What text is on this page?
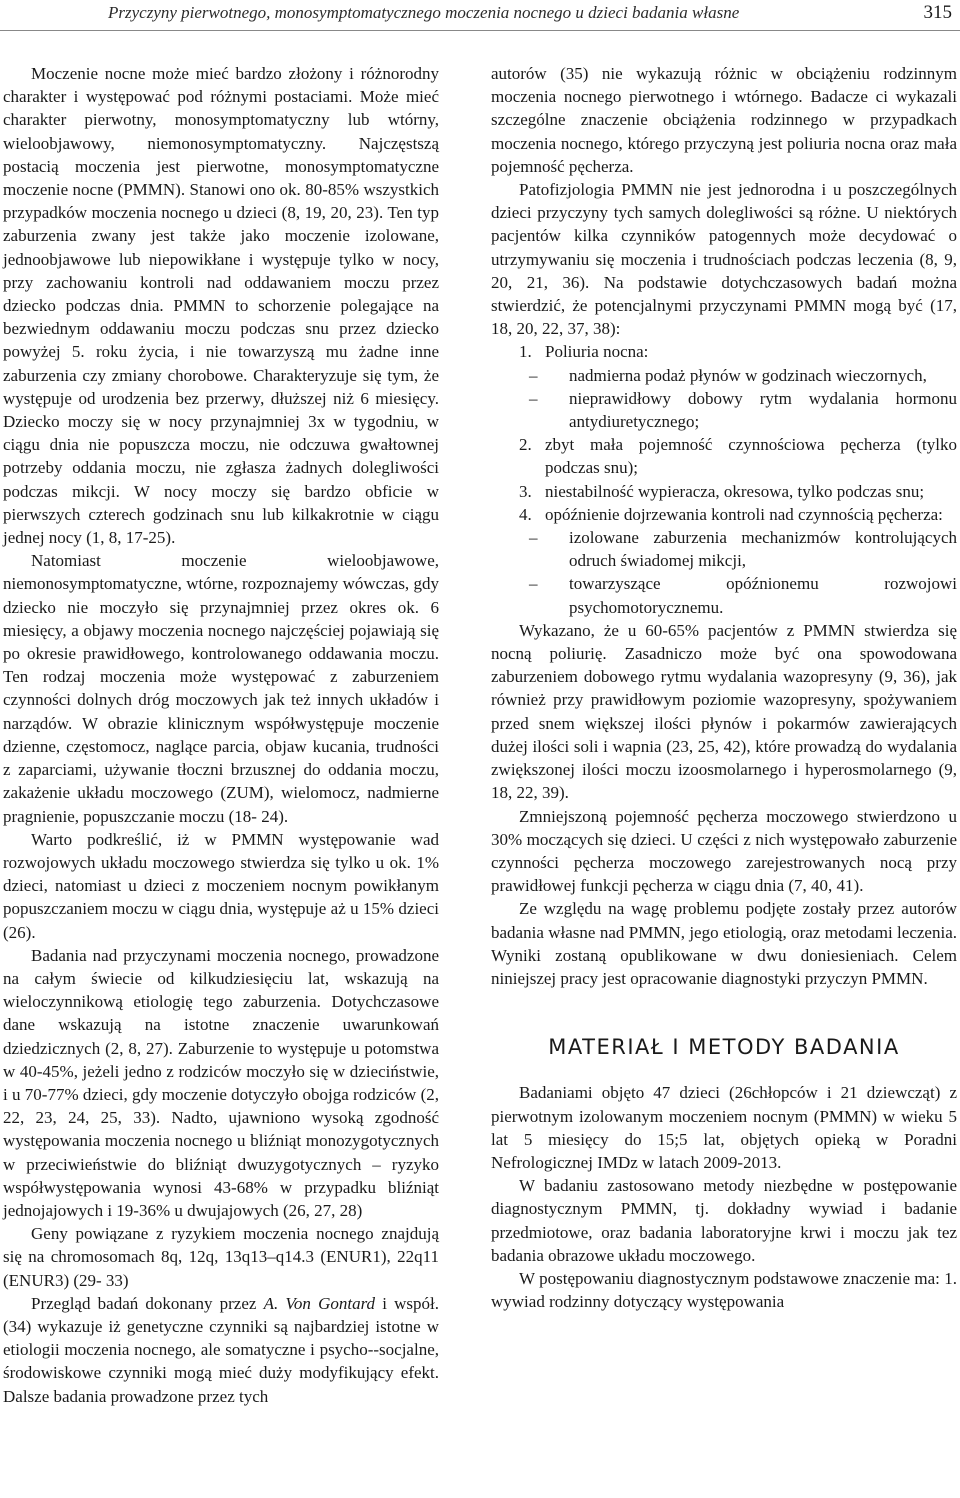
Przyczyny pierwotnego, monosymptomatycznego moczenia nocnego u dzieci badania własne	315

Moczenie nocne może mieć bardzo złożony i różnorodny charakter i występować pod różnymi postaciami. Może mieć charakter pierwotny, monosymptomatyczny lub wtórny, wieloobjawowy, niemonosymptomatyczny. Najczęstszą postacią moczenia jest pierwotne, monosymptomatyczne moczenie nocne (PMMN). Stanowi ono ok. 80-85% wszystkich przypadków moczenia nocnego u dzieci (8, 19, 20, 23). Ten typ zaburzenia zwany jest także jako moczenie izolowane, jednoobjawowe lub niepowikłane i występuje tylko w nocy, przy zachowaniu kontroli nad oddawaniem moczu przez dziecko podczas dnia. PMMN to schorzenie polegające na bezwiednym oddawaniu moczu podczas snu przez dziecko powyżej 5. roku życia, i nie towarzyszą mu żadne inne zaburzenia czy zmiany chorobowe. Charakteryzuje się tym, że występuje od urodzenia bez przerwy, dłuższej niż 6 miesięcy. Dziecko moczy się w nocy przynajmniej 3x w tygodniu, w ciągu dnia nie popuszcza moczu, nie odczuwa gwałtownej potrzeby oddania moczu, nie zgłasza żadnych dolegliwości podczas mikcji. W nocy moczy się bardzo obficie w pierwszych czterech godzinach snu lub kilkakrotnie w ciągu jednej nocy (1, 8, 17-25).

Natomiast moczenie wieloobjawowe, niemonosymptomatyczne, wtórne, rozpoznajemy wówczas, gdy dziecko nie moczyło się przynajmniej przez okres ok. 6 miesięcy, a objawy moczenia nocnego najczęściej pojawiają się po okresie prawidłowego, kontrolowanego oddawania moczu. Ten rodzaj moczenia może występować z zaburzeniem czynności dolnych dróg moczowych jak też innych układów i narządów. W obrazie klinicznym współwystępuje moczenie dzienne, częstomocz, naglące parcia, objaw kucania, trudności z zaparciami, używanie tłoczni brzusznej do oddania moczu, zakażenie układu moczowego (ZUM), wielomocz, nadmierne pragnienie, popuszczanie moczu (18- 24).

Warto podkreślić, iż w PMMN występowanie wad rozwojowych układu moczowego stwierdza się tylko u ok. 1% dzieci, natomiast u dzieci z moczeniem nocnym powikłanym popuszczaniem moczu w ciągu dnia, występuje aż u 15% dzieci (26).

Badania nad przyczynami moczenia nocnego, prowadzone na całym świecie od kilkudziesięciu lat, wskazują na wieloczynnikową etiologię tego zaburzenia. Dotychczasowe dane wskazują na istotne znaczenie uwarunkowań dziedzicznych (2, 8, 27). Zaburzenie to występuje u potomstwa w 40-45%, jeżeli jedno z rodziców moczyło się w dzieciństwie, i u 70-77% dzieci, gdy moczenie dotyczyło obojga rodziców (2, 22, 23, 24, 25, 33). Nadto, ujawniono wysoką zgodność występowania moczenia nocnego u bliźniąt monozygotycznych w przeciwieństwie do bliźniąt dwuzygotycznych – ryzyko współwystępowania wynosi 43-68% w przypadku bliźniąt jednojajowych i 19-36% u dwujajowych (26, 27, 28)

Geny powiązane z ryzykiem moczenia nocnego znajdują się na chromosomach 8q, 12q, 13q13–q14.3 (ENUR1), 22q11 (ENUR3) (29- 33)

Przegląd badań dokonany przez A. Von Gontard i współ. (34) wykazuje iż genetyczne czynniki są najbardziej istotne w etiologii moczenia nocnego, ale somatyczne i psycho--socjalne, środowiskowe czynniki mogą mieć duży modyfikujący efekt. Dalsze badania prowadzone przez tych

autorów (35) nie wykazują różnic w obciążeniu rodzinnym moczenia nocnego pierwotnego i wtórnego. Badacze ci wykazali szczególne znaczenie obciążenia rodzinnego w przypadkach moczenia nocnego, którego przyczyną jest poliuria nocna oraz mała pojemność pęcherza.

Patofizjologia PMMN nie jest jednorodna i u poszczególnych dzieci przyczyny tych samych dolegliwości są różne. U niektórych pacjentów kilka czynników patogennych może decydować o utrzymywaniu się moczenia i trudnościach podczas leczenia (8, 9, 20, 21, 36). Na podstawie dotychczasowych badań można stwierdzić, że potencjalnymi przyczynami PMMN mogą być (17, 18, 20, 22, 37, 38):

1. Poliuria nocna:
– nadmierna podaż płynów w godzinach wieczornych,
– nieprawidłowy dobowy rytm wydalania hormonu antydiuretycznego;
2. zbyt mała pojemność czynnościowa pęcherza (tylko podczas snu);
3. niestabilność wypieracza, okresowa, tylko podczas snu;
4. opóźnienie dojrzewania kontroli nad czynnością pęcherza:
– izolowane zaburzenia mechanizmów kontrolujących odruch świadomej mikcji,
– towarzyszące opóźnionemu rozwojowi psychomotorycznemu.

Wykazano, że u 60-65% pacjentów z PMMN stwierdza się nocną poliurię. Zasadniczo może być ona spowodowana zaburzeniem dobowego rytmu wydalania wazopresyny (9, 36), jak również przy prawidłowym poziomie wazopresyny, spożywaniem przed snem większej ilości płynów i pokarmów zawierających dużej ilości soli i wapnia (23, 25, 42), które prowadzą do wydalania zwiększonej ilości moczu izoosmolarnego i hyperosmolarnego (9, 18, 22, 39).

Zmniejszoną pojemność pęcherza moczowego stwierdzono u 30% moczących się dzieci. U części z nich występowało zaburzenie czynności pęcherza moczowego zarejestrowanych nocą przy prawidłowej funkcji pęcherza w ciągu dnia (7, 40, 41).

Ze względu na wagę problemu podjęte zostały przez autorów badania własne nad PMMN, jego etiologią, oraz metodami leczenia. Wyniki zostaną opublikowane w dwu doniesieniach. Celem niniejszej pracy jest opracowanie diagnostyki przyczyn PMMN.

MATERIAŁ I METODY BADANIA

Badaniami objęto 47 dzieci (26chłopców i 21 dziewcząt) z pierwotnym izolowanym moczeniem nocnym (PMMN) w wieku 5 lat 5 miesięcy do 15;5 lat, objętych opieką w Poradni Nefrologicznej IMDz w latach 2009-2013.

W badaniu zastosowano metody niezbędne w postępowanie diagnostycznym PMMN, tj. dokładny wywiad i badanie przedmiotowe, oraz badania laboratoryjne krwi i moczu jak tez badania obrazowe układu moczowego.

W postępowaniu diagnostycznym podstawowe znaczenie ma: 1. wywiad rodzinny dotyczący występowania
